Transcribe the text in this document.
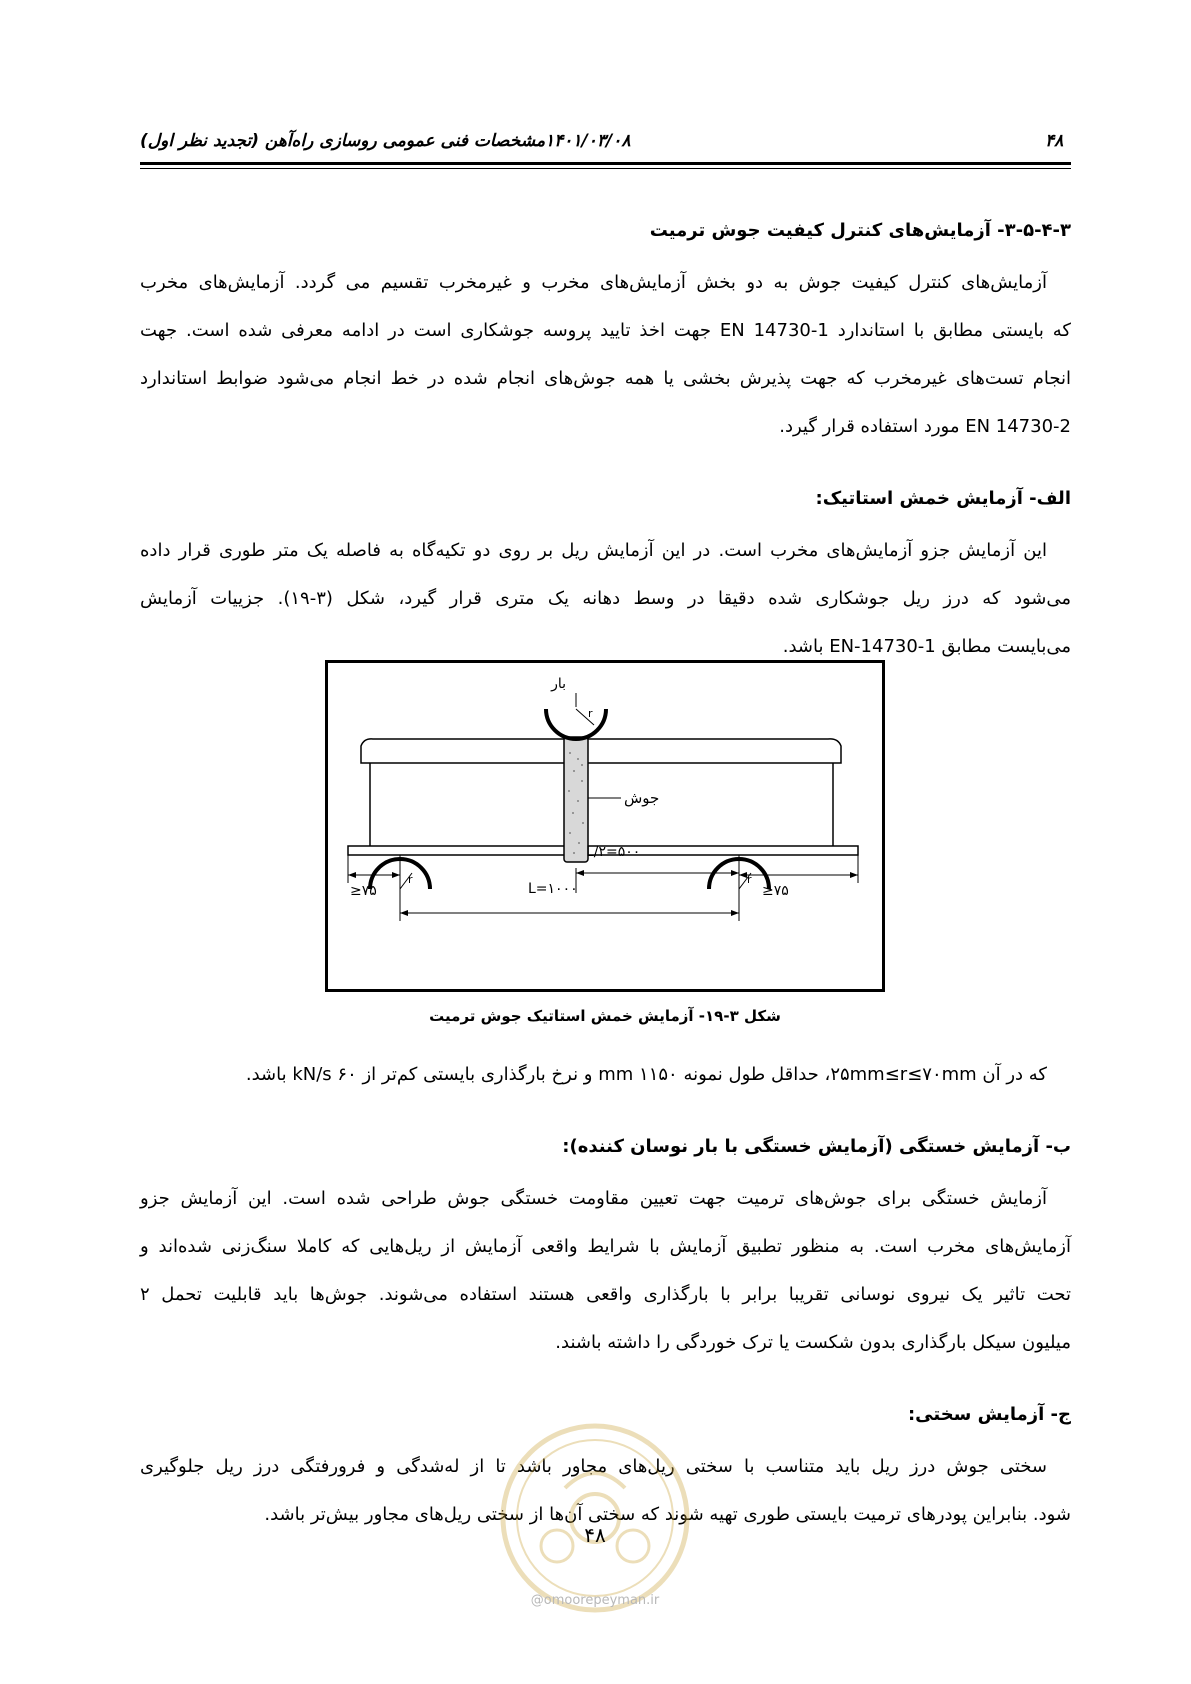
۴۸
۱۴۰۱/۰۳/۰۸
مشخصات فنی عمومی روسازی راه‌آهن (تجدید نظر اول)
۳-۵-۴-۳- آزمایش‌های کنترل کیفیت جوش ترمیت
آزمایش‌های کنترل کیفیت جوش به دو بخش آزمایش‌های مخرب و غیرمخرب تقسیم می گردد. آزمایش‌های مخرب
که بایستی مطابق با استاندارد EN 14730-1 جهت اخذ تایید پروسه جوشکاری است در ادامه معرفی شده است. جهت
انجام تست‌های غیرمخرب که جهت پذیرش بخشی یا همه جوش‌های انجام شده در خط انجام می‌شود ضوابط استاندارد
EN 14730-2 مورد استفاده قرار گیرد.
الف- آزمایش خمش استاتیک:
این آزمایش جزو آزمایش‌های مخرب است. در این آزمایش ریل بر روی دو تکیه‌گاه به فاصله یک متر طوری قرار داده
می‌شود که درز ریل جوشکاری شده دقیقا در وسط دهانه یک متری قرار گیرد، شکل (۳-۱۹). جزییات آزمایش
می‌بایست مطابق EN-14730-1 باشد.
بار
r
جوش
r	r
L/۲=۵۰۰
≥۷۵	≥۷۵
L=۱۰۰۰
شکل ۳-۱۹- آزمایش خمش استاتیک جوش ترمیت
که در آن ۲۵mm≤r≤۷۰mm، حداقل طول نمونه ۱۱۵۰ mm و نرخ بارگذاری بایستی کم‌تر از ۶۰ kN/s باشد.
ب- آزمایش خستگی (آزمایش خستگی با بار نوسان کننده):
آزمایش خستگی برای جوش‌های ترمیت جهت تعیین مقاومت خستگی جوش طراحی شده است. این آزمایش جزو
آزمایش‌های مخرب است. به منظور تطبیق آزمایش با شرایط واقعی آزمایش از ریل‌هایی که کاملا سنگ‌زنی شده‌اند و
تحت تاثیر یک نیروی نوسانی تقریبا برابر با بارگذاری واقعی هستند استفاده می‌شوند. جوش‌ها باید قابلیت تحمل ۲
میلیون سیکل بارگذاری بدون شکست یا ترک خوردگی را داشته باشند.
ج- آزمایش سختی:
سختی جوش درز ریل باید متناسب با سختی ریل‌های مجاور باشد تا از له‌شدگی و فرورفتگی درز ریل جلوگیری
شود. بنابراین پودرهای ترمیت بایستی طوری تهیه شوند که سختی آن‌ها از سختی ریل‌های مجاور بیش‌تر باشد.
۴۸
@omoorepeyman.ir
